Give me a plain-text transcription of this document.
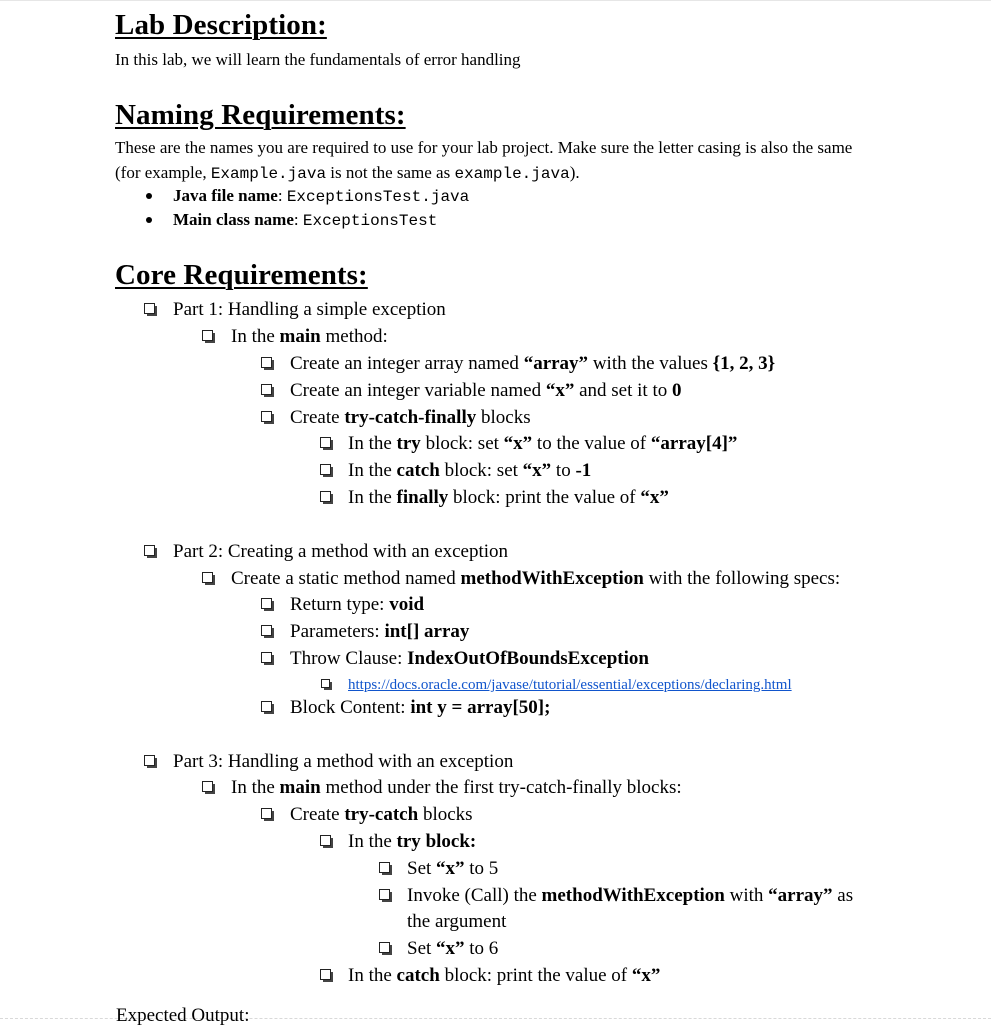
Lab Description:

In this lab, we will learn the fundamentals of error handling

Naming Requirements:

These are the names you are required to use for your lab project. Make sure the letter casing is also the same (for example, Example.java is not the same as example.java).

Java file name: ExceptionsTest.java
Main class name: ExceptionsTest
Core Requirements:
Part 1: Handling a simple exception
In the main method:
Create an integer array named “array” with the values {1, 2, 3}
Create an integer variable named “x” and set it to 0
Create try-catch-finally blocks
In the try block: set “x” to the value of “array[4]”
In the catch block: set “x” to -1
In the finally block: print the value of “x”
Part 2: Creating a method with an exception
Create a static method named methodWithException with the following specs:
Return type: void
Parameters: int[] array
Throw Clause: IndexOutOfBoundsException
https://docs.oracle.com/javase/tutorial/essential/exceptions/declaring.html
Block Content: int y = array[50];
Part 3: Handling a method with an exception
In the main method under the first try-catch-finally blocks:
Create try-catch blocks
In the try block:
Set “x” to 5
Invoke (Call) the methodWithException with “array” as
the argument
Set “x” to 6
In the catch block: print the value of “x”
Expected Output:
